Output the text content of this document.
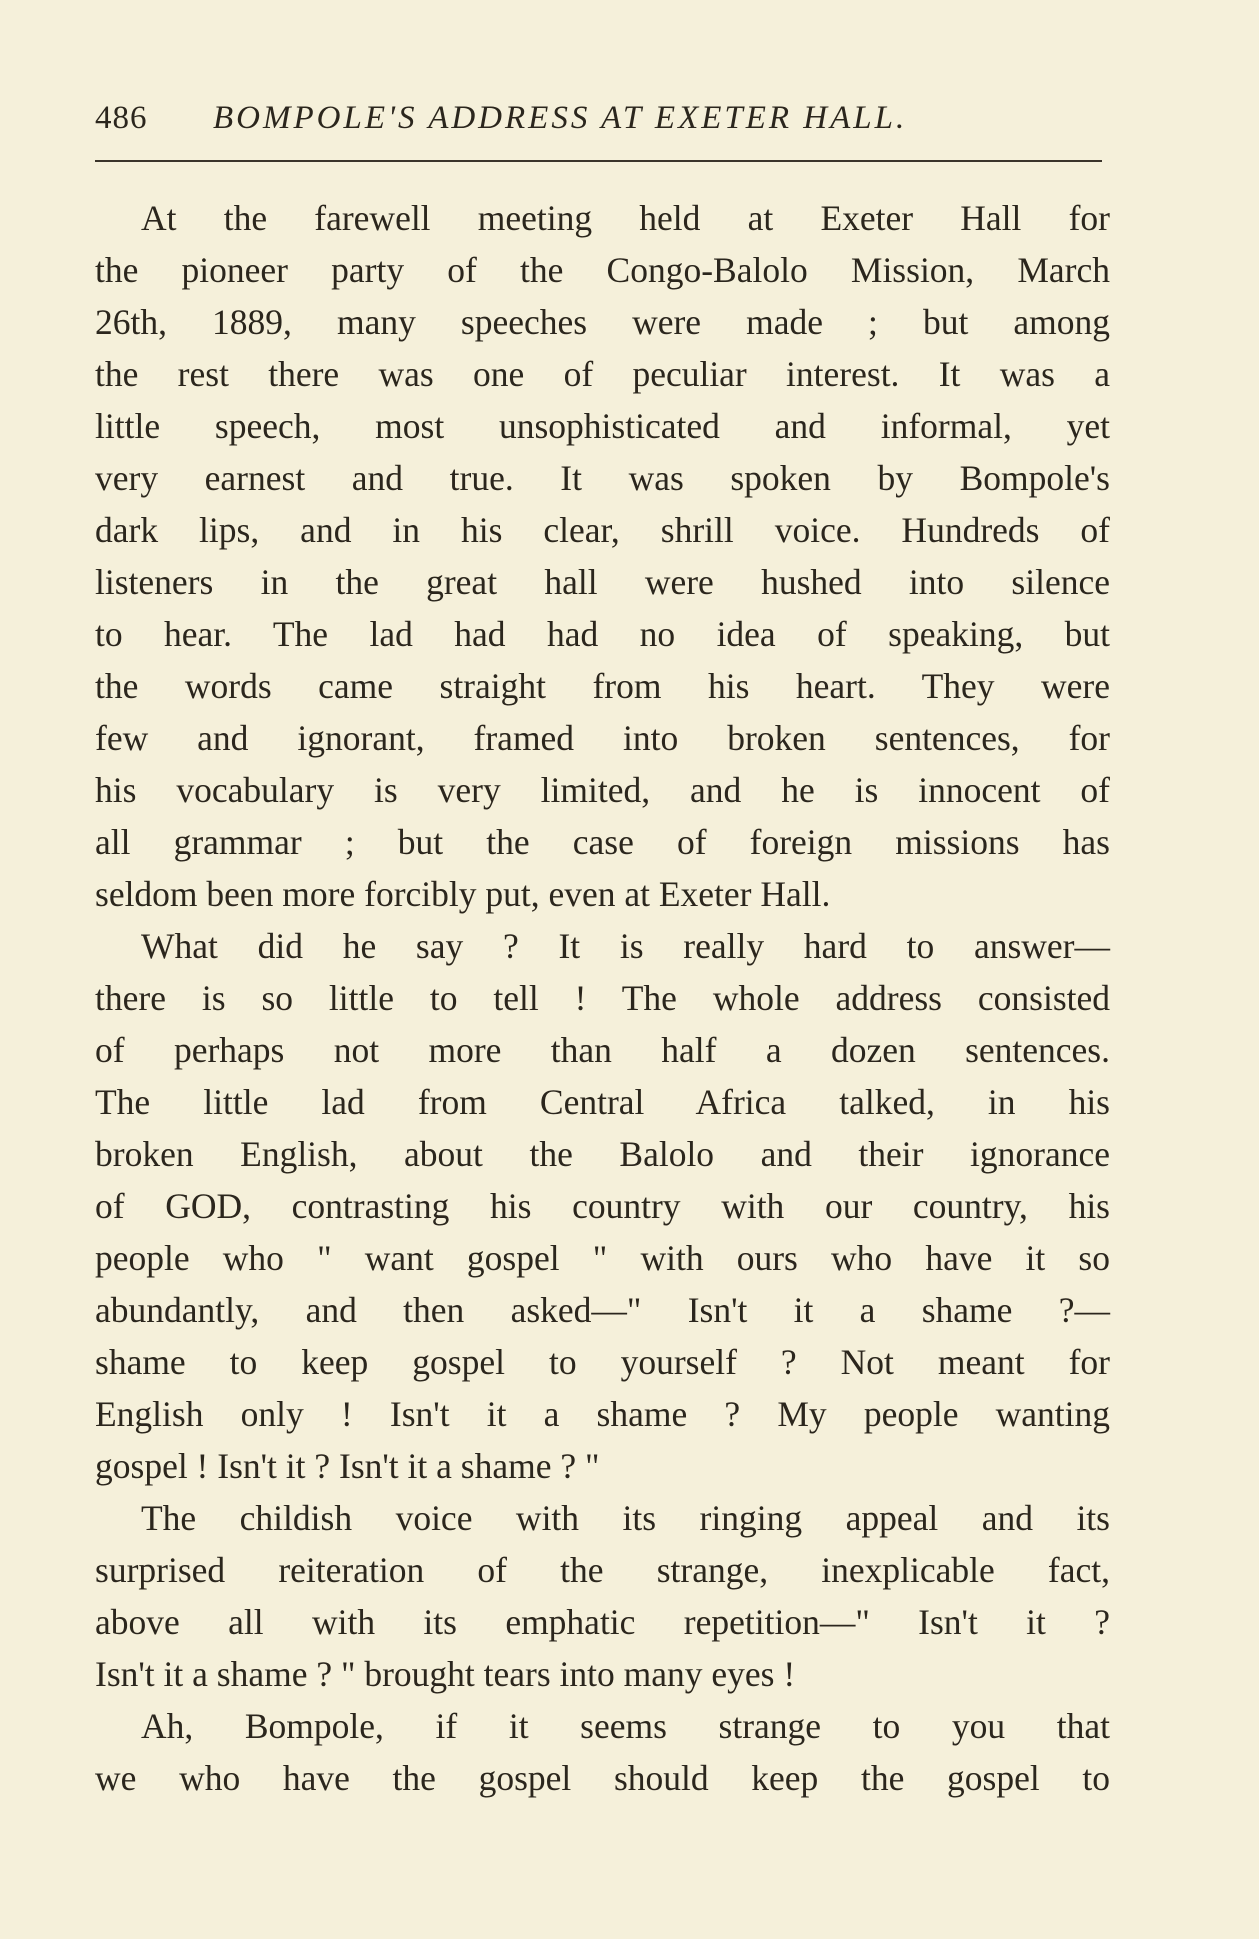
486 BOMPOLE'S ADDRESS AT EXETER HALL.
At the farewell meeting held at Exeter Hall for
the pioneer party of the Congo-Balolo Mission, March
26th, 1889, many speeches were made ; but among
the rest there was one of peculiar interest. It was a
little speech, most unsophisticated and informal, yet
very earnest and true. It was spoken by Bompole's
dark lips, and in his clear, shrill voice. Hundreds of
listeners in the great hall were hushed into silence
to hear. The lad had had no idea of speaking, but
the words came straight from his heart. They were
few and ignorant, framed into broken sentences, for
his vocabulary is very limited, and he is innocent of
all grammar ; but the case of foreign missions has
seldom been more forcibly put, even at Exeter Hall.
What did he say ? It is really hard to answer—
there is so little to tell ! The whole address consisted
of perhaps not more than half a dozen sentences.
The little lad from Central Africa talked, in his
broken English, about the Balolo and their ignorance
of GOD, contrasting his country with our country, his
people who " want gospel " with ours who have it so
abundantly, and then asked—" Isn't it a shame ?—
shame to keep gospel to yourself ? Not meant for
English only ! Isn't it a shame ? My people wanting
gospel ! Isn't it ? Isn't it a shame ? "
The childish voice with its ringing appeal and its
surprised reiteration of the strange, inexplicable fact,
above all with its emphatic repetition—" Isn't it ?
Isn't it a shame ? " brought tears into many eyes !
Ah, Bompole, if it seems strange to you that
we who have the gospel should keep the gospel to
